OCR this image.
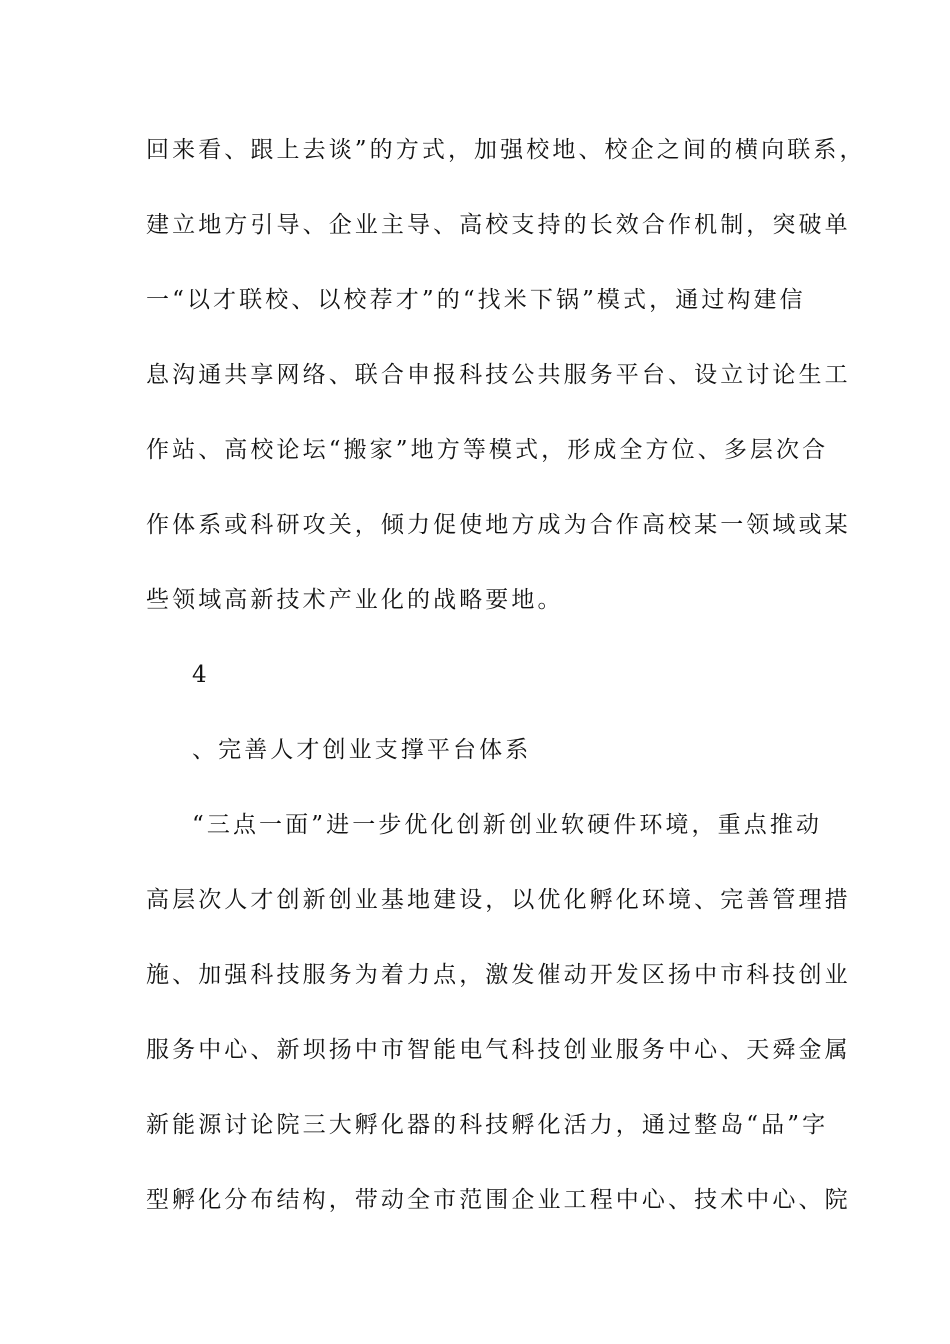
回来看、跟上去谈”的方式，加强校地、校企之间的横向联系，
建立地方引导、企业主导、高校支持的长效合作机制，突破单
一“以才联校、以校荐才”的“找米下锅”模式，通过构建信
息沟通共享网络、联合申报科技公共服务平台、设立讨论生工
作站、高校论坛“搬家”地方等模式，形成全方位、多层次合
作体系或科研攻关，倾力促使地方成为合作高校某一领域或某
些领域高新技术产业化的战略要地。
4
、完善人才创业支撑平台体系
“三点一面”进一步优化创新创业软硬件环境，重点推动
高层次人才创新创业基地建设，以优化孵化环境、完善管理措
施、加强科技服务为着力点，激发催动开发区扬中市科技创业
服务中心、新坝扬中市智能电气科技创业服务中心、天舜金属
新能源讨论院三大孵化器的科技孵化活力，通过整岛“品”字
型孵化分布结构，带动全市范围企业工程中心、技术中心、院
